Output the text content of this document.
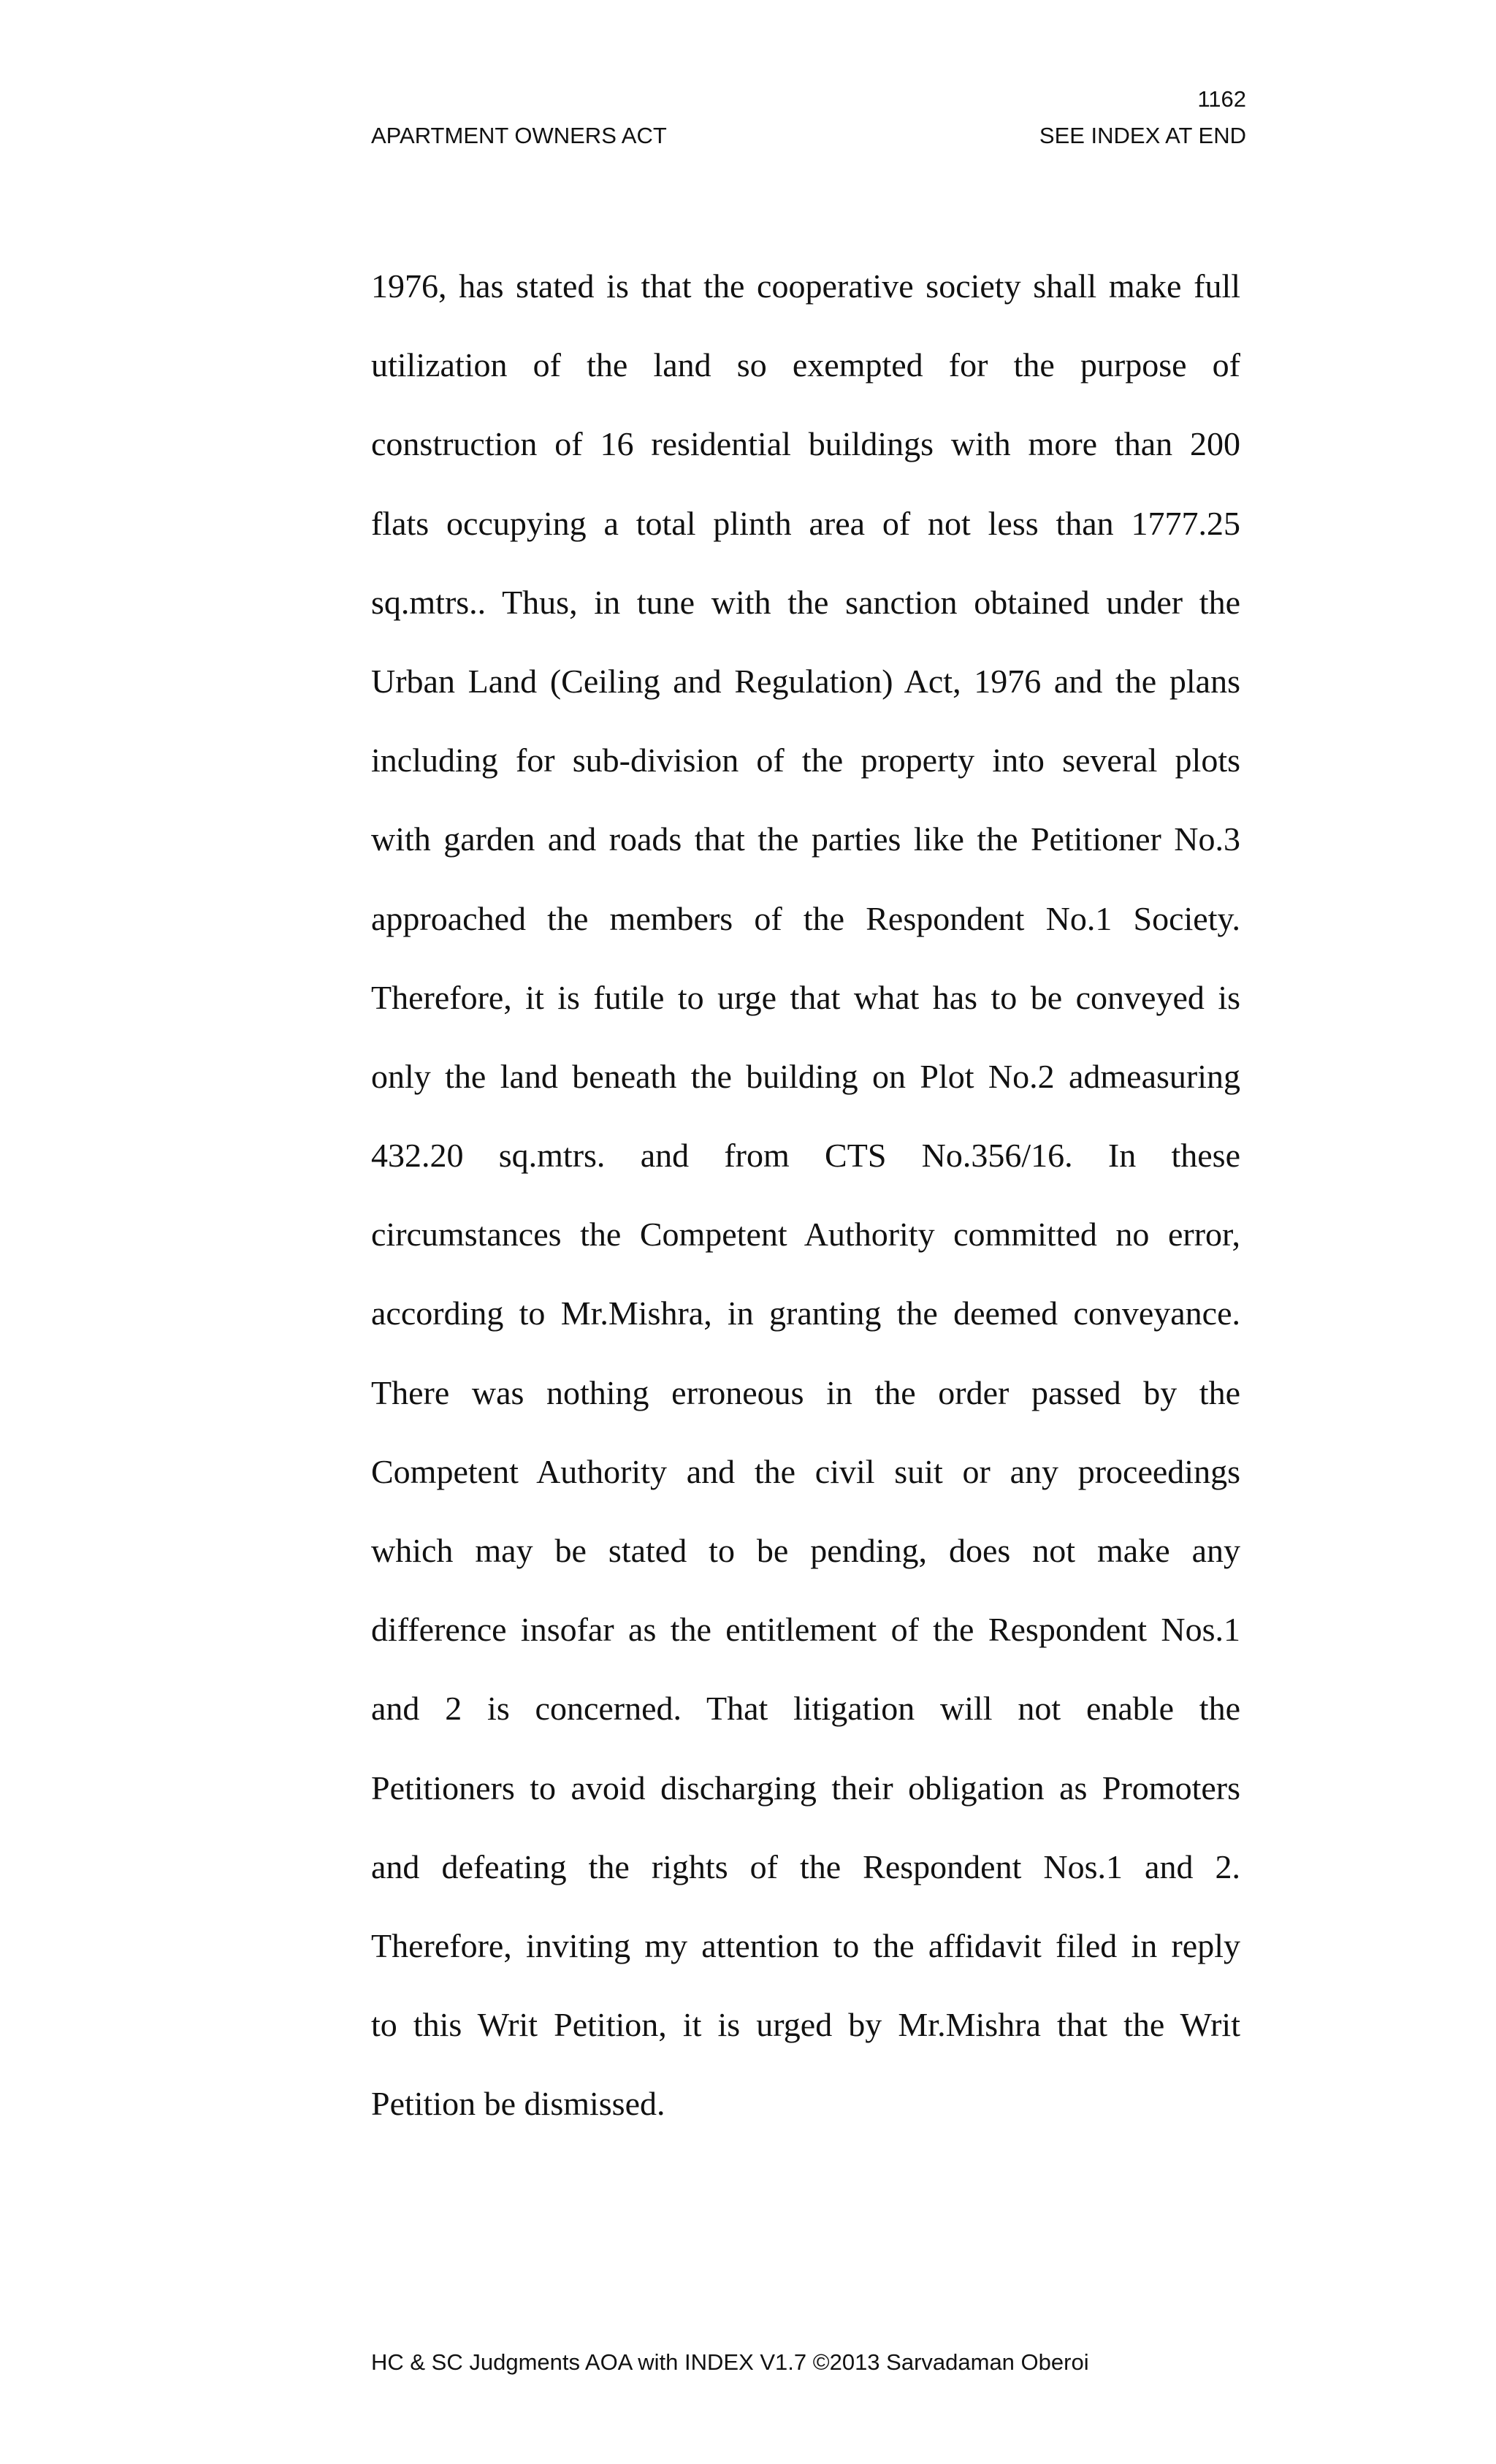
1162
APARTMENT OWNERS ACT	SEE INDEX AT END
1976, has stated is that the cooperative society shall make full
utilization of the land so exempted for the purpose of
construction of 16 residential buildings with more than 200
flats occupying a total plinth area of not less than 1777.25
sq.mtrs.. Thus, in tune with the sanction obtained under the
Urban Land (Ceiling and Regulation) Act, 1976 and the plans
including for sub-division of the property into several plots
with garden and roads that the parties like the Petitioner No.3
approached the members of the Respondent No.1 Society.
Therefore, it is futile to urge that what has to be conveyed is
only the land beneath the building on Plot No.2 admeasuring
432.20 sq.mtrs. and from CTS No.356/16. In these
circumstances the Competent Authority committed no error,
according to Mr.Mishra, in granting the deemed conveyance.
There was nothing erroneous in the order passed by the
Competent Authority and the civil suit or any proceedings
which may be stated to be pending, does not make any
difference insofar as the entitlement of the Respondent Nos.1
and 2 is concerned. That litigation will not enable the
Petitioners to avoid discharging their obligation as Promoters
and defeating the rights of the Respondent Nos.1 and 2.
Therefore, inviting my attention to the affidavit filed in reply
to this Writ Petition, it is urged by Mr.Mishra that the Writ
Petition be dismissed.
HC & SC Judgments AOA with INDEX V1.7 ©2013 Sarvadaman Oberoi
